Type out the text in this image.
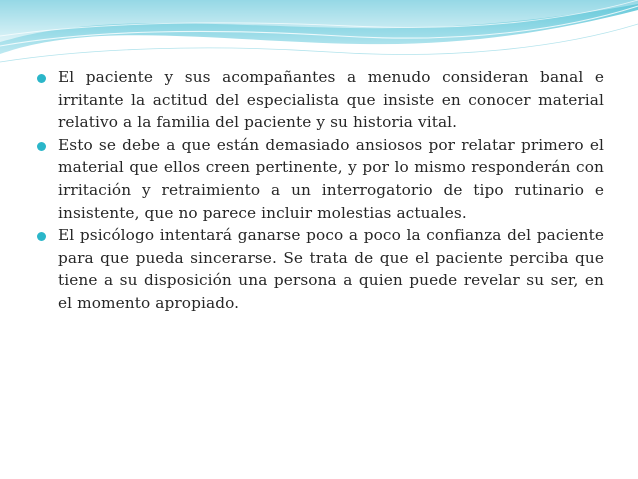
El paciente y sus acompañantes a menudo consideran banal e irritante la actitud del especialista que insiste en conocer material relativo a la familia del paciente y su historia vital.
Esto se debe a que están demasiado ansiosos por relatar primero el material que ellos creen pertinente, y por lo mismo responderán con irritación y retraimiento a un interrogatorio de tipo rutinario e insistente, que no parece incluir molestias actuales.
El psicólogo intentará ganarse poco a poco la confianza del paciente para que pueda sincerarse. Se trata de que el paciente perciba que tiene a su disposición una persona a quien puede revelar su ser, en el momento apropiado.
